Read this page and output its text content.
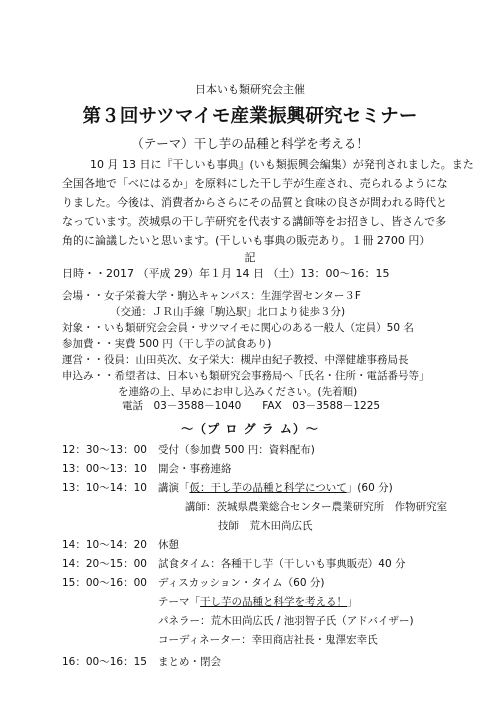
日本いも類研究会主催
第３回サツマイモ産業振興研究セミナー
（テーマ）干し芋の品種と科学を考える！
10 月 13 日に『干しいも事典』(いも類振興会編集）が発刊されました。また
全国各地で「べにはるか」を原料にした干し芋が生産され、売られるようにな
りました。今後は、消費者からさらにその品質と食味の良さが問われる時代と
なっています。茨城県の干し芋研究を代表する講師等をお招きし、皆さんで多
角的に論議したいと思います。(干しいも事典の販売あり。１冊 2700 円）
記
日時・・2017 （平成 29）年１月 14 日 （土）13：00～16：15
会場・・女子栄養大学・駒込キャンパス：生涯学習センター３F
（交通：ＪＲ山手線「駒込駅」北口より徒歩３分)
対象・・いも類研究会会員・サツマイモに関心のある一般人（定員）50 名
参加費・・実費 500 円（干し芋の試食あり)
運営・・役員：山田英次、女子栄大：槻岸由紀子教授、中澤健雄事務局長
申込み・・希望者は、日本いも類研究会事務局へ「氏名・住所・電話番号等」
を連絡の上、早めにお申し込みください。(先着順)
電話　03－3588－1040　　FAX　03－3588－1225
～（プ ロ グ ラ ム）～
12：30～13：00 受付（参加費 500 円：資料配布)
13：00～13：10 開会・事務連絡
13：10～14：10 講演「仮：干し芋の品種と科学について」(60 分)
講師：茨城県農業総合センター農業研究所　作物研究室
技師　荒木田尚広氏
14：10～14：20 休憩
14：20～15：00 試食タイム：各種干し芋（干しいも事典販売）40 分
15：00～16：00 ディスカッション・タイム（60 分)
テーマ「干し芋の品種と科学を考える！」
パネラー：荒木田尚広氏 / 池羽智子氏（アドバイザー)
コーディネーター：幸田商店社長・鬼澤宏幸氏
16：00～16：15 まとめ・閉会
